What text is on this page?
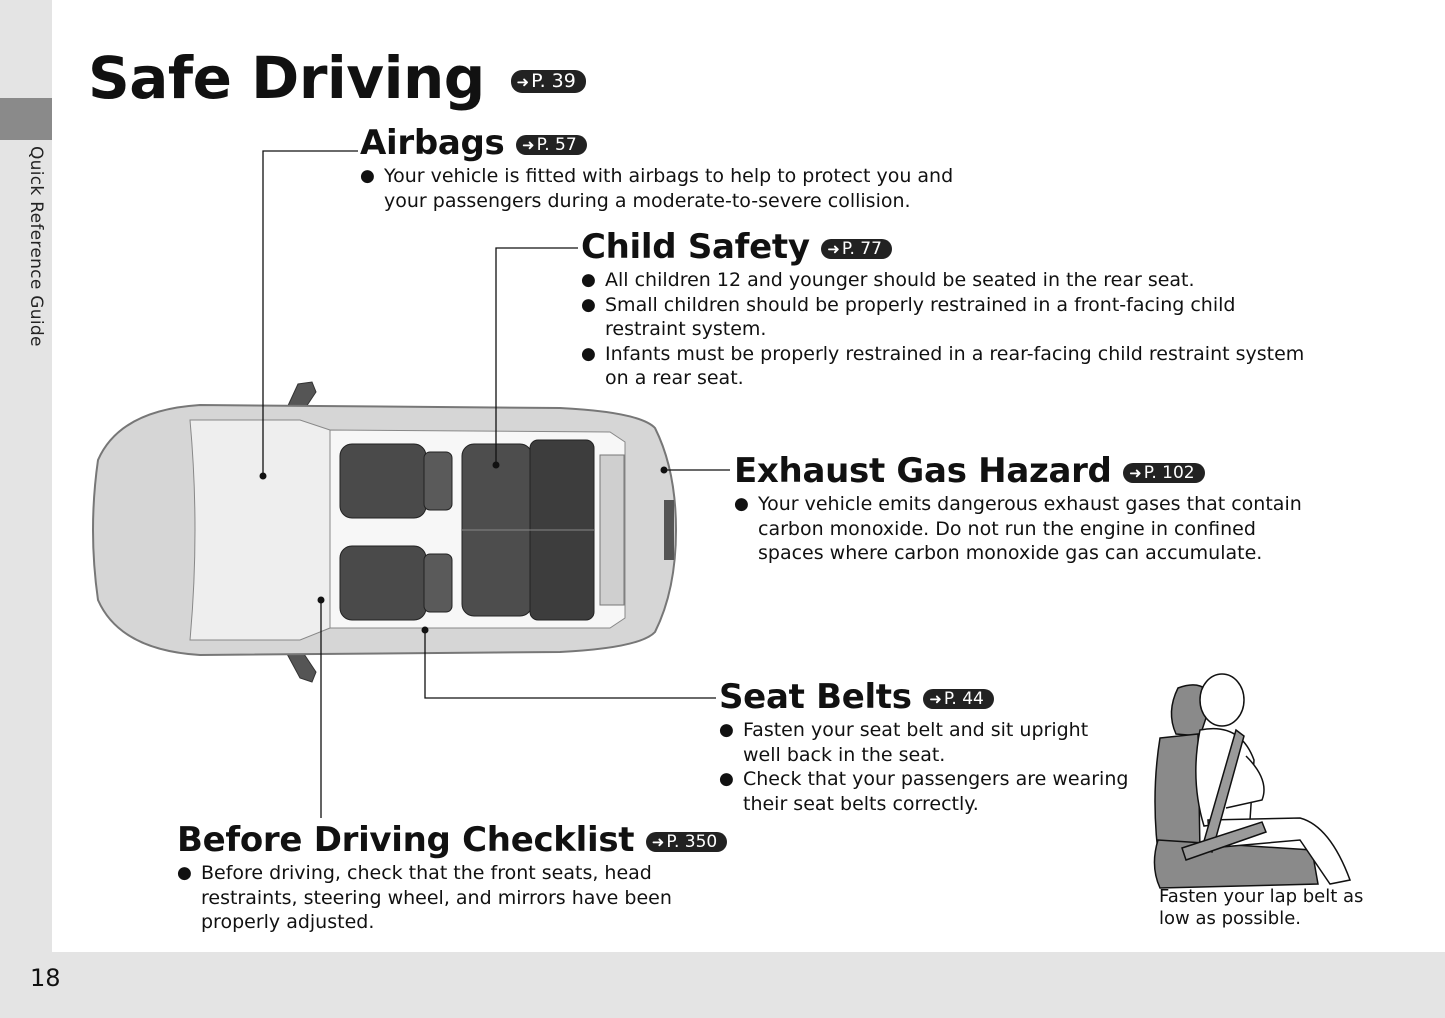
Quick Reference Guide
18
Safe Driving ➜ P. 39
Airbags ➜ P. 57
● Your vehicle is fitted with airbags to help to protect you and your passengers during a moderate-to-severe collision.
Child Safety ➜ P. 77
● All children 12 and younger should be seated in the rear seat.
● Small children should be properly restrained in a front-facing child restraint system.
● Infants must be properly restrained in a rear-facing child restraint system on a rear seat.
Exhaust Gas Hazard ➜ P. 102
● Your vehicle emits dangerous exhaust gases that contain carbon monoxide. Do not run the engine in confined spaces where carbon monoxide gas can accumulate.
Seat Belts ➜ P. 44
● Fasten your seat belt and sit upright well back in the seat.
● Check that your passengers are wearing their seat belts correctly.
Before Driving Checklist ➜ P. 350
● Before driving, check that the front seats, head restraints, steering wheel, and mirrors have been properly adjusted.
Fasten your lap belt as low as possible.
